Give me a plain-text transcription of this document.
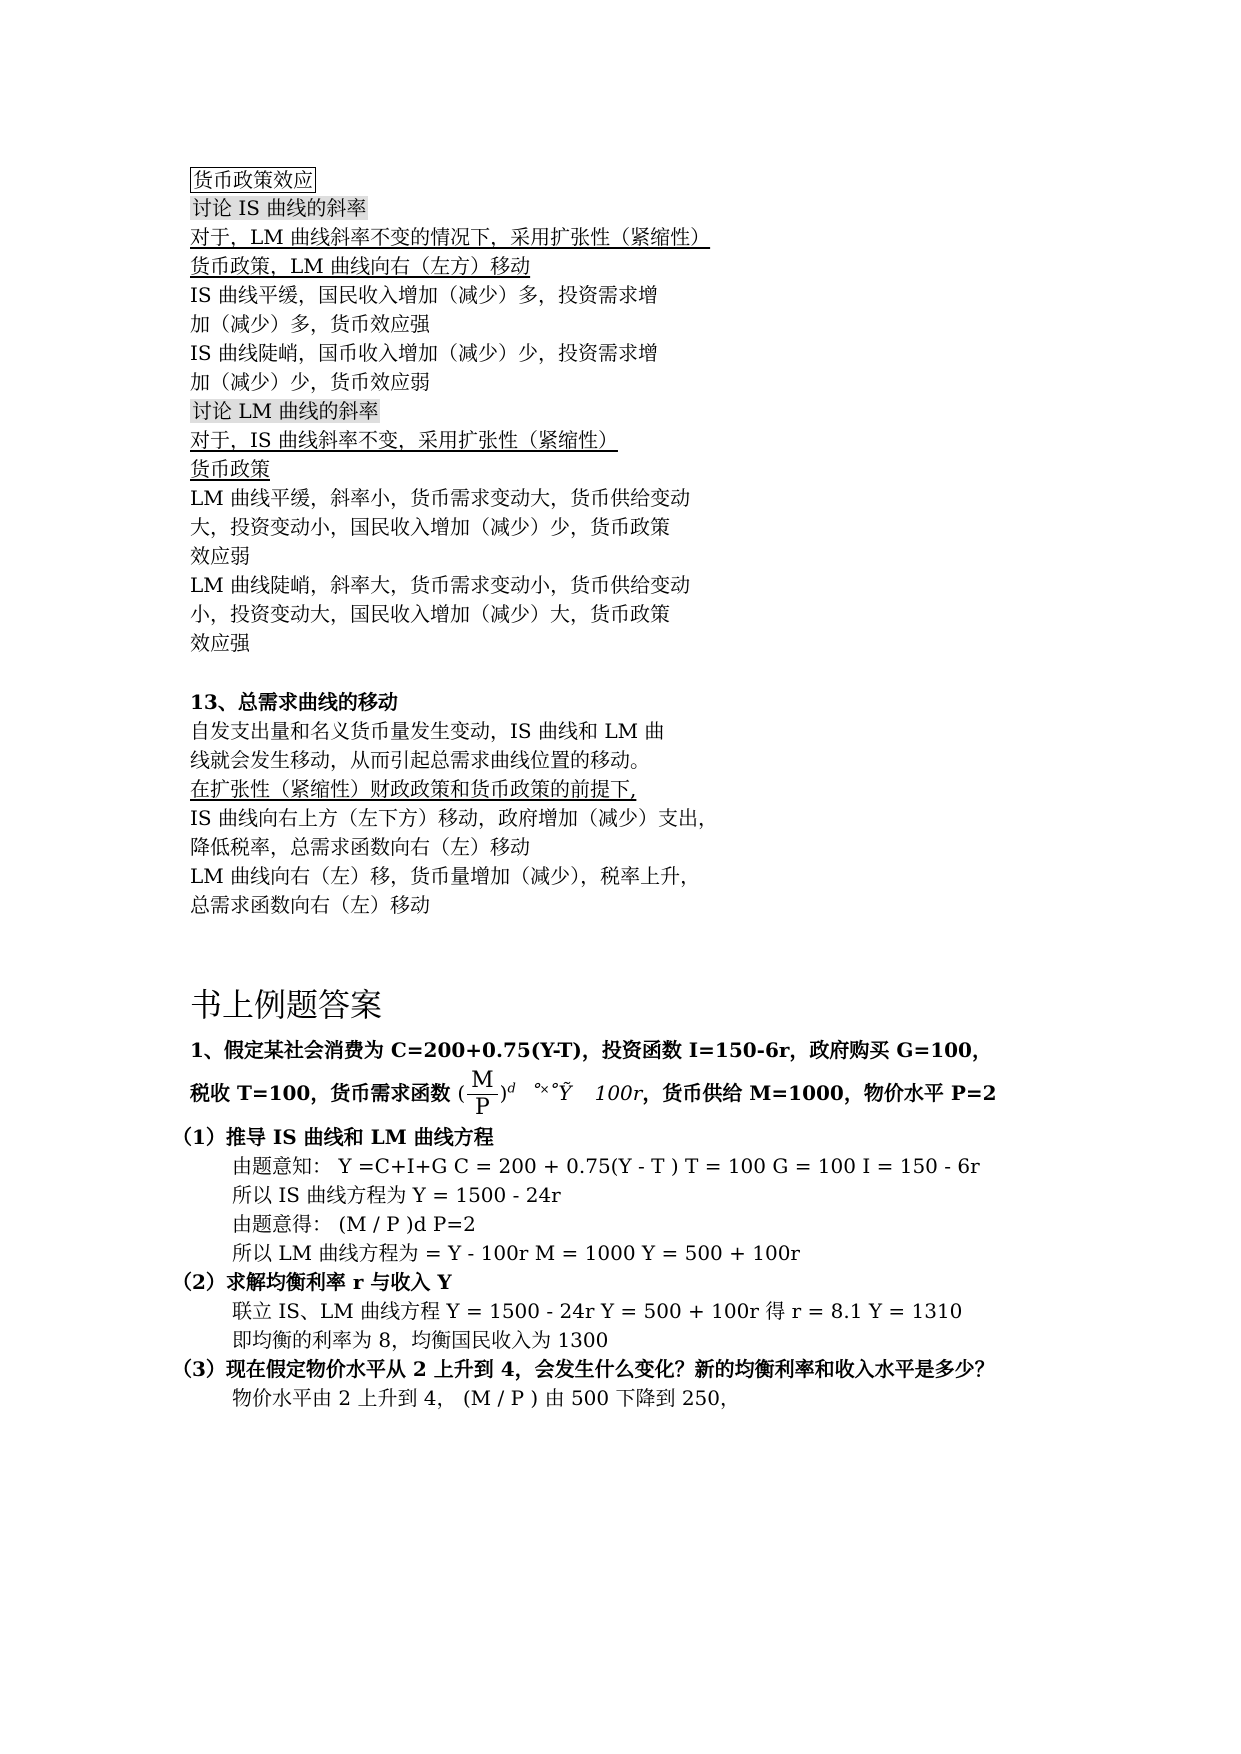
货币政策效应
讨论 IS 曲线的斜率
对于，LM 曲线斜率不变的情况下，采用扩张性（紧缩性）
货币政策，LM 曲线向右（左方）移动
IS 曲线平缓，国民收入增加（减少）多，投资需求增
加（减少）多，货币效应强
IS 曲线陡峭，国币收入增加（减少）少，投资需求增
加（减少）少，货币效应弱
讨论 LM 曲线的斜率
对于，IS 曲线斜率不变，采用扩张性（紧缩性）
货币政策
LM 曲线平缓，斜率小，货币需求变动大，货币供给变动
大，投资变动小，国民收入增加（减少）少，货币政策
效应弱
LM 曲线陡峭，斜率大，货币需求变动小，货币供给变动
小，投资变动大，国民收入增加（减少）大，货币政策
效应强
13、总需求曲线的移动
自发支出量和名义货币量发生变动，IS 曲线和 LM 曲
线就会发生移动，从而引起总需求曲线位置的移动。
在扩张性（紧缩性）财政政策和货币政策的前提下,
IS 曲线向右上方（左下方）移动，政府增加（减少）支出，
降低税率，总需求函数向右（左）移动
LM 曲线向右（左）移，货币量增加（减少），税率上升，
总需求函数向右（左）移动
书上例题答案
1、假定某社会消费为 C=200+0.75(Y-T)，投资函数 I=150-6r，政府购买 G=100，
税收 T=100，货币需求函数 ( $\frac{M}{P} )^d$ ˚˟˚Ỹ 100r，货币供给 M=1000，物价水平 P=2
（1）推导 IS 曲线和 LM 曲线方程
由题意知： Y =C+I+G C = 200 + 0.75(Y - T ) T = 100 G = 100 I = 150 - 6r
所以 IS 曲线方程为 Y = 1500 - 24r
由题意得： (M / P )d P=2
所以 LM 曲线方程为 = Y - 100r M = 1000 Y = 500 + 100r
（2）求解均衡利率 r 与收入 Y
联立 IS、LM 曲线方程 Y = 1500 - 24r Y = 500 + 100r 得 r = 8.1 Y = 1310
即均衡的利率为 8，均衡国民收入为 1300
（3）现在假定物价水平从 2 上升到 4，会发生什么变化？新的均衡利率和收入水平是多少？
物价水平由 2 上升到 4， (M / P ) 由 500 下降到 250，
